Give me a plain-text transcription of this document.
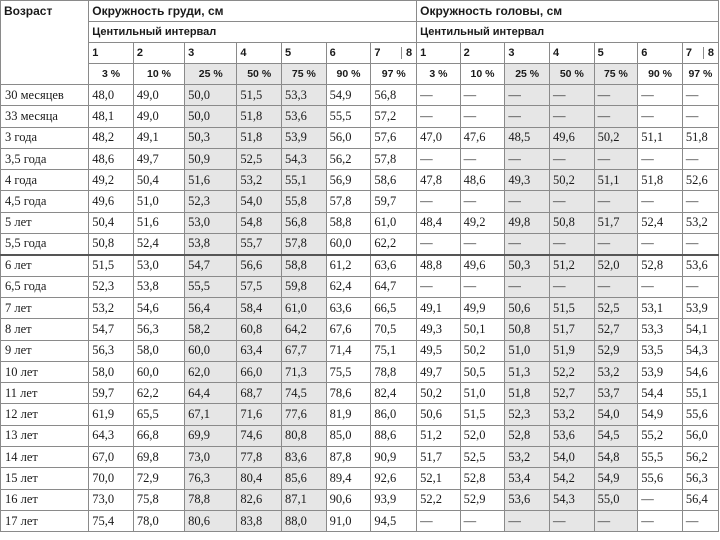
Возраст	Окружность груди, см							Окружность головы, см						
	Центильный интервал							Центильный интервал						

	1	2	3	4	5	6	7 8	1	2	3	4	5	6	7 8

	3 %	10 %	25 %	50 %	75 %	90 %	97 %	3 %	10 %	25 %	50 %	75 %	90 %	97 %
30 месяцев	48,0	49,0	50,0	51,5	53,3	54,9	56,8	—	—	—	—	—	—	—
33 месяца	48,1	49,0	50,0	51,8	53,6	55,5	57,2	—	—	—	—	—	—	—
3 года	48,2	49,1	50,3	51,8	53,9	56,0	57,6	47,0	47,6	48,5	49,6	50,2	51,1	51,8
3,5 года	48,6	49,7	50,9	52,5	54,3	56,2	57,8	—	—	—	—	—	—	—
4 года	49,2	50,4	51,6	53,2	55,1	56,9	58,6	47,8	48,6	49,3	50,2	51,1	51,8	52,6
4,5 года	49,6	51,0	52,3	54,0	55,8	57,8	59,7	—	—	—	—	—	—	—
5 лет	50,4	51,6	53,0	54,8	56,8	58,8	61,0	48,4	49,2	49,8	50,8	51,7	52,4	53,2
5,5 года	50,8	52,4	53,8	55,7	57,8	60,0	62,2	—	—	—	—	—	—	—
6 лет	51,5	53,0	54,7	56,6	58,8	61,2	63,6	48,8	49,6	50,3	51,2	52,0	52,8	53,6
6,5 года	52,3	53,8	55,5	57,5	59,8	62,4	64,7	—	—	—	—	—	—	—
7 лет	53,2	54,6	56,4	58,4	61,0	63,6	66,5	49,1	49,9	50,6	51,5	52,5	53,1	53,9
8 лет	54,7	56,3	58,2	60,8	64,2	67,6	70,5	49,3	50,1	50,8	51,7	52,7	53,3	54,1
9 лет	56,3	58,0	60,0	63,4	67,7	71,4	75,1	49,5	50,2	51,0	51,9	52,9	53,5	54,3
10 лет	58,0	60,0	62,0	66,0	71,3	75,5	78,8	49,7	50,5	51,3	52,2	53,2	53,9	54,6
11 лет	59,7	62,2	64,4	68,7	74,5	78,6	82,4	50,2	51,0	51,8	52,7	53,7	54,4	55,1
12 лет	61,9	65,5	67,1	71,6	77,6	81,9	86,0	50,6	51,5	52,3	53,2	54,0	54,9	55,6
13 лет	64,3	66,8	69,9	74,6	80,8	85,0	88,6	51,2	52,0	52,8	53,6	54,5	55,2	56,0
14 лет	67,0	69,8	73,0	77,8	83,6	87,8	90,9	51,7	52,5	53,2	54,0	54,8	55,5	56,2
15 лет	70,0	72,9	76,3	80,4	85,6	89,4	92,6	52,1	52,8	53,4	54,2	54,9	55,6	56,3
16 лет	73,0	75,8	78,8	82,6	87,1	90,6	93,9	52,2	52,9	53,6	54,3	55,0	—	56,4
17 лет	75,4	78,0	80,6	83,8	88,0	91,0	94,5	—	—	—	—	—	—	—
